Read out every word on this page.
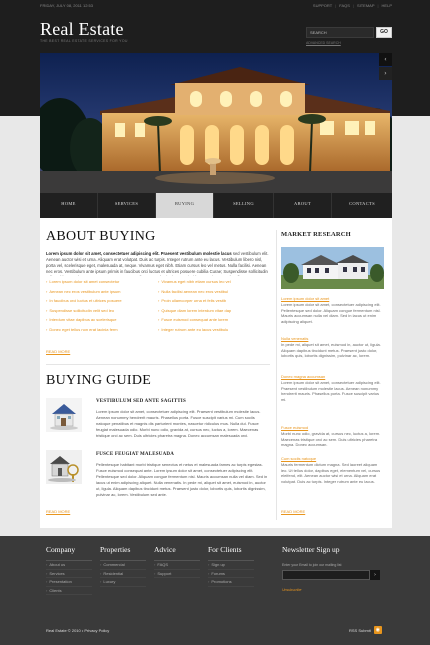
FRIDAY, JULY 08, 2011 12:53	SUPPORT | FAQS | SITEMAP | HELP
Real Estate
THE BEST REAL ESTATE SERVICES FOR YOU
SEARCH	GO
ADVANCED SEARCH
‹
›
HOME	SERVICES	BUYING	SELLING	ABOUT	CONTACTS
ABOUT BUYING
Lorem ipsum dolor sit amet, consectetuer adipiscing elit. Praesent vestibulum molestie lacus sed vestibulum elit. Aenean auctor wisi et urna. Aliquam erat volutpat. Duis ac turpis. Integer rutrum ante eu lacus. Vestibulum libero nisl, porta vel, scelerisque eget, malesuada at, neque. Vivamus eget nibh. Etiam cursus leo vel metus. Nulla facilisi. Aenean nec eros. Vestibulum ante ipsum primis in faucibus orci luctus et ultrices posuere cubilia Curae; Suspendisse sollicitudin
› Lorem ipsum dolor sit amet consectetur
› Aenean nec eros vestibulum ante ipsum
› In faucibus orci luctus et ultrices posuere
› Suspendisse sollicitudin velit sed leo
› Interdum vitae dapibus ac scelerisque
› Donec eget tellus non erat lacinia ferm
› Vivamus eget nibh etiam cursus leo vel
› Nulla facilisi aenean nec eros vestibul
› Proin ullamcorper urna et felis vestib
› Quisque diam lorem interdum vitae dap
› Fusce euismod consequat ante lorem
› Integer rutrum ante eu lacus vestibulu
READ MORE
BUYING GUIDE
VESTIBULUM SED ANTE SAGITTIS
Lorem ipsum dolor sit amet, consectetuer adipiscing elit. Praesent vestibulum molestie lacus. Aenean nonummy hendrerit mauris. Phasellus porta. Fusce suscipit varius mi. Cum sociis natoque penatibus et magnis dis parturient montes, nascetur ridiculus mus. Nulla dui. Fusce feugiat malesuada odio. Morbi nunc odio, gravida at, cursus nec, luctus a, lorem. Maecenas tristique orci ac sem. Duis ultricies pharetra magna. Donec accumsan malesuada orci.
FUSCE FEUGIAT MALESUADA
Pellentesque habitant morbi tristique senectus et netus et malesuada fames ac turpis egestas. Fusce euismod consequat ante. Lorem ipsum dolor sit amet, consectetuer adipiscing elit. Pellentesque sed dolor. Aliquam congue fermentum nisl. Mauris accumsan nulla vel diam. Sed in lacus ut enim adipiscing aliquet. Nulla venenatis. In pede mi, aliquet sit amet, euismod in, auctor ut, ligula. Aliquam dapibus tincidunt metus. Praesent justo dolor, lobortis quis, lobortis dignissim, pulvinar ac, lorem. Vestibulum sed ante.
READ MORE
MARKET RESEARCH
Lorem ipsum dolor sit amet
Lorem ipsum dolor sit amet, consectetuer adipiscing elit. Pellentesque sed dolor. Aliquam congue fermentum nisl. Mauris accumsan nulla vel diam. Sed in lacus ut enim adipiscing aliquet.
Nulla venenatis
In pede mi, aliquet sit amet, euismod in, auctor ut, ligula. Aliquam dapibus tincidunt metus. Praesent justo dolor, lobortis quis, lobortis dignissim, pulvinar ac, lorem.
Donec magna accumsan
Lorem ipsum dolor sit amet, consectetuer adipiscing elit. Praesent vestibulum molestie lacus. Aenean nonummy hendrerit mauris. Phasellus porta. Fusce suscipit varius mi.
Fusce euismod
Morbi nunc odio, gravida at, cursus nec, luctus a, lorem. Maecenas tristique orci ac sem. Duis ultricies pharetra magna. Donec accumsan.
Cum sociis natoque
Mauris fermentum dictum magna. Sed laoreet aliquam leo. Ut tellus dolor, dapibus eget, elementum vel, cursus eleifend, elit. Aenean auctor wisi et urna. Aliquam erat volutpat. Duis ac turpis. Integer rutrum ante eu lacus.
READ MORE
Company
› About us
› Services
› Presentation
› Clients
Properties
› Commercial
› Residential
› Luxury
Advice
› FAQS
› Support
For Clients
› Sign up
› Forums
› Promotions
Newsletter Sign up
Enter your Email to join our mailing list
›
Unsubscribe
Real Estate © 2010 • Privacy Policy	RSS Submit ◉
